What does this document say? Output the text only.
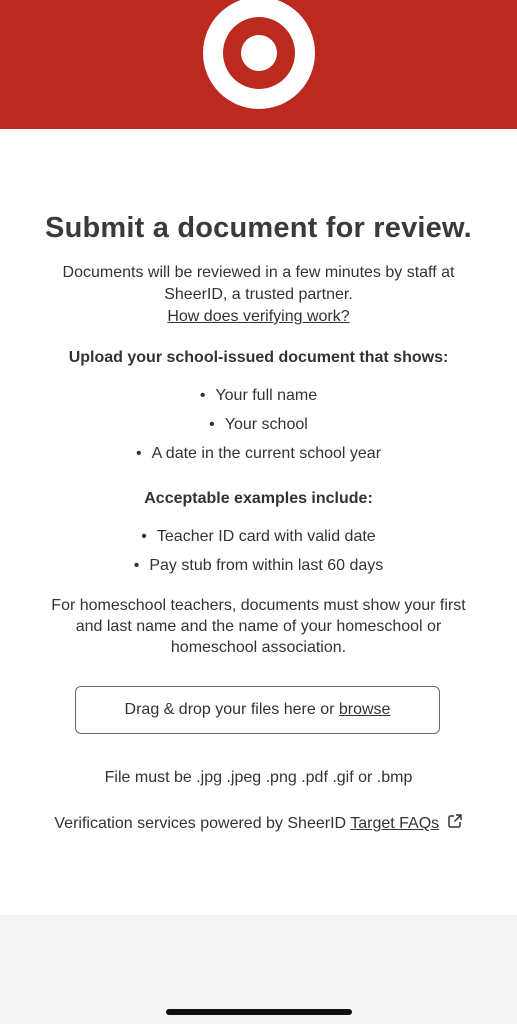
Submit a document for review.
Documents will be reviewed in a few minutes by staff at
SheerID, a trusted partner.
How does verifying work?
Upload your school-issued document that shows:
• Your full name
• Your school
• A date in the current school year
Acceptable examples include:
• Teacher ID card with valid date
• Pay stub from within last 60 days
For homeschool teachers, documents must show your first and last name and the name of your homeschool or homeschool association.
Drag & drop your files here or
browse
File must be .jpg .jpeg .png .pdf .gif or .bmp
Verification services powered by SheerID Target FAQs
